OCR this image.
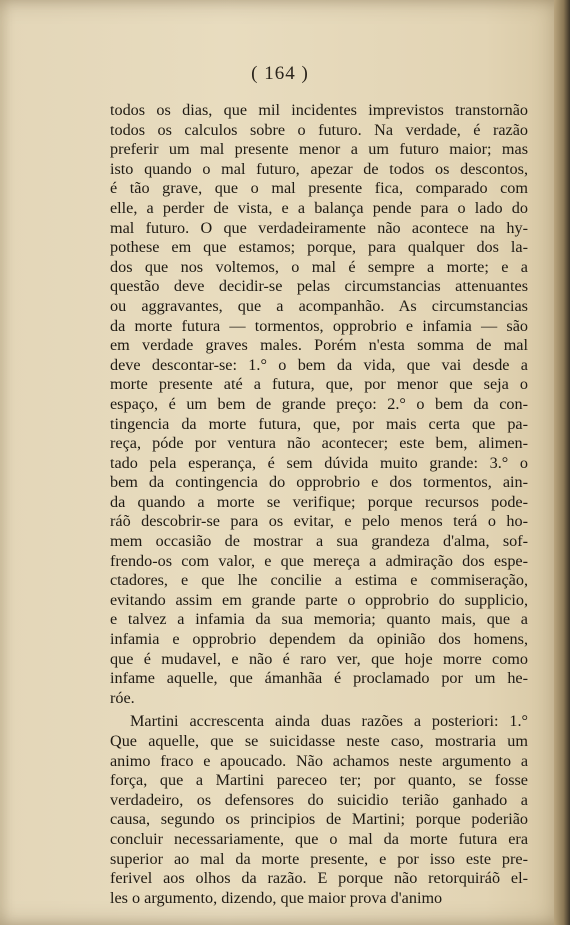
( 164 )
todos os dias, que mil incidentes imprevistos transtornão
todos os calculos sobre o futuro. Na verdade, é razão
preferir um mal presente menor a um futuro maior; mas
isto quando o mal futuro, apezar de todos os descontos,
é tão grave, que o mal presente fica, comparado com
elle, a perder de vista, e a balança pende para o lado do
mal futuro. O que verdadeiramente não acontece na hy-
pothese em que estamos; porque, para qualquer dos la-
dos que nos voltemos, o mal é sempre a morte; e a
questão deve decidir-se pelas circumstancias attenuantes
ou aggravantes, que a acompanhão. As circumstancias
da morte futura — tormentos, opprobrio e infamia — são
em verdade graves males. Porém n'esta somma de mal
deve descontar-se: 1.° o bem da vida, que vai desde a
morte presente até a futura, que, por menor que seja o
espaço, é um bem de grande preço: 2.° o bem da con-
tingencia da morte futura, que, por mais certa que pa-
reça, póde por ventura não acontecer; este bem, alimen-
tado pela esperança, é sem dúvida muito grande: 3.° o
bem da contingencia do opprobrio e dos tormentos, ain-
da quando a morte se verifique; porque recursos pode-
ráõ descobrir-se para os evitar, e pelo menos terá o ho-
mem occasião de mostrar a sua grandeza d'alma, sof-
frendo-os com valor, e que mereça a admiração dos espe-
ctadores, e que lhe concilie a estima e commiseração,
evitando assim em grande parte o opprobrio do supplicio,
e talvez a infamia da sua memoria; quanto mais, que a
infamia e opprobrio dependem da opinião dos homens,
que é mudavel, e não é raro ver, que hoje morre como
infame aquelle, que ámanhãa é proclamado por um he-
róe.
Martini accrescenta ainda duas razões a posteriori: 1.°
Que aquelle, que se suicidasse neste caso, mostraria um
animo fraco e apoucado. Não achamos neste argumento a
força, que a Martini pareceo ter; por quanto, se fosse
verdadeiro, os defensores do suicidio terião ganhado a
causa, segundo os principios de Martini; porque poderião
concluir necessariamente, que o mal da morte futura era
superior ao mal da morte presente, e por isso este pre-
ferivel aos olhos da razão. E porque não retorquiráõ el-
les o argumento, dizendo, que maior prova d'animo
